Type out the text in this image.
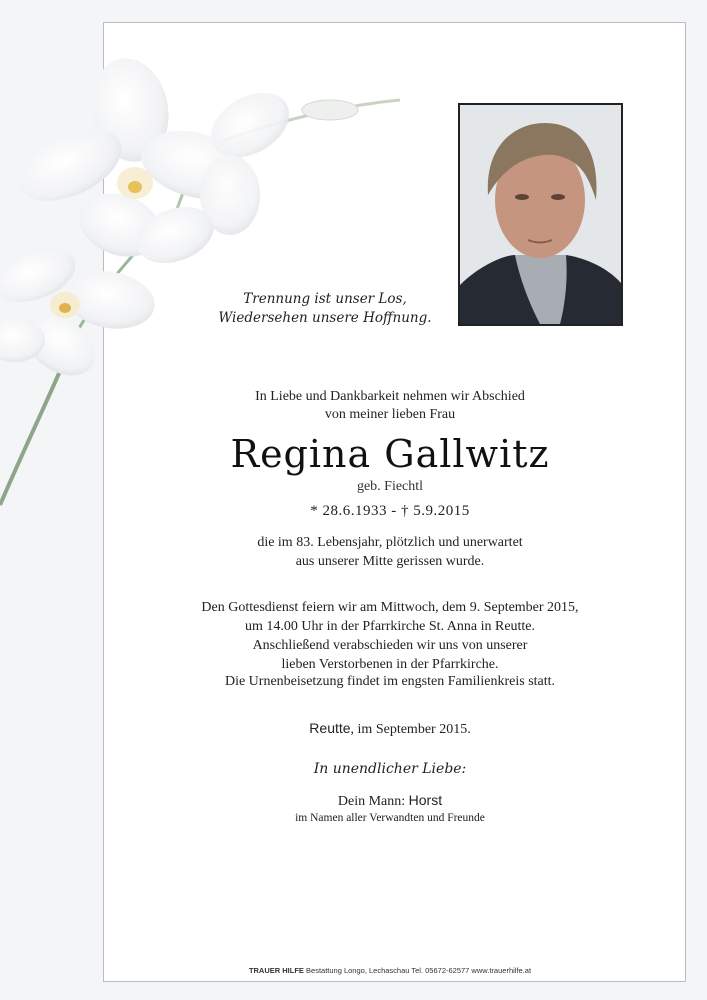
Trennung ist unser Los,
Wiedersehen unsere Hoffnung.
In Liebe und Dankbarkeit nehmen wir Abschied
von meiner lieben Frau
Regina Gallwitz
geb. Fiechtl
* 28.6.1933 - † 5.9.2015
die im 83. Lebensjahr, plötzlich und unerwartet
aus unserer Mitte gerissen wurde.
Den Gottesdienst feiern wir am Mittwoch, dem 9. September 2015,
um 14.00 Uhr in der Pfarrkirche St. Anna in Reutte.
Anschließend verabschieden wir uns von unserer
lieben Verstorbenen in der Pfarrkirche.
Die Urnenbeisetzung findet im engsten Familienkreis statt.
Reutte, im September 2015.
In unendlicher Liebe:
Dein Mann: Horst
im Namen aller Verwandten und Freunde
TRAUER HILFE Bestattung Longo, Lechaschau Tel. 05672-62577 www.trauerhilfe.at
